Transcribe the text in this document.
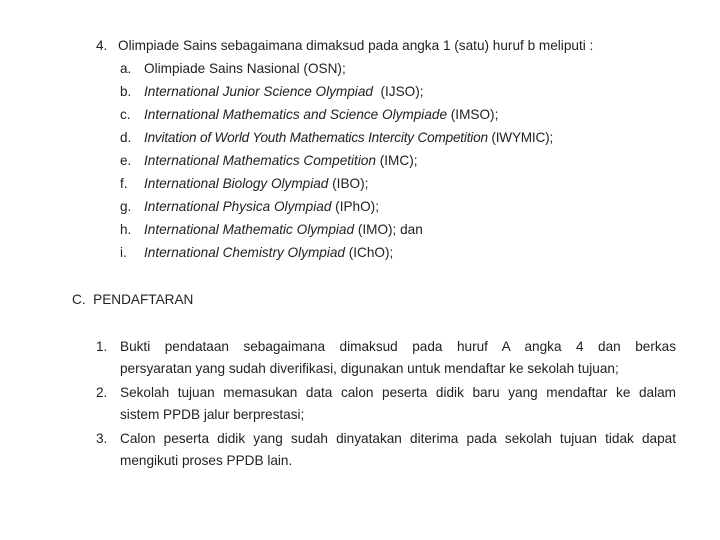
4. Olimpiade Sains sebagaimana dimaksud pada angka 1 (satu) huruf b meliputi :
a. Olimpiade Sains Nasional (OSN);
b. International Junior Science Olympiad  (IJSO);
c. International Mathematics and Science Olympiade (IMSO);
d. Invitation of World Youth Mathematics Intercity Competition (IWYMIC);
e. International Mathematics Competition (IMC);
f. International Biology Olympiad (IBO);
g. International Physica Olympiad (IPhO);
h. International Mathematic Olympiad (IMO); dan
i. International Chemistry Olympiad (IChO);
C.  PENDAFTARAN
1. Bukti pendataan sebagaimana dimaksud pada huruf A angka 4 dan berkas
persyaratan yang sudah diverifikasi, digunakan untuk mendaftar ke sekolah tujuan;
2. Sekolah tujuan memasukan data calon peserta didik baru yang mendaftar ke dalam
sistem PPDB jalur berprestasi;
3. Calon peserta didik yang sudah dinyatakan diterima pada sekolah tujuan tidak dapat
mengikuti proses PPDB lain.
